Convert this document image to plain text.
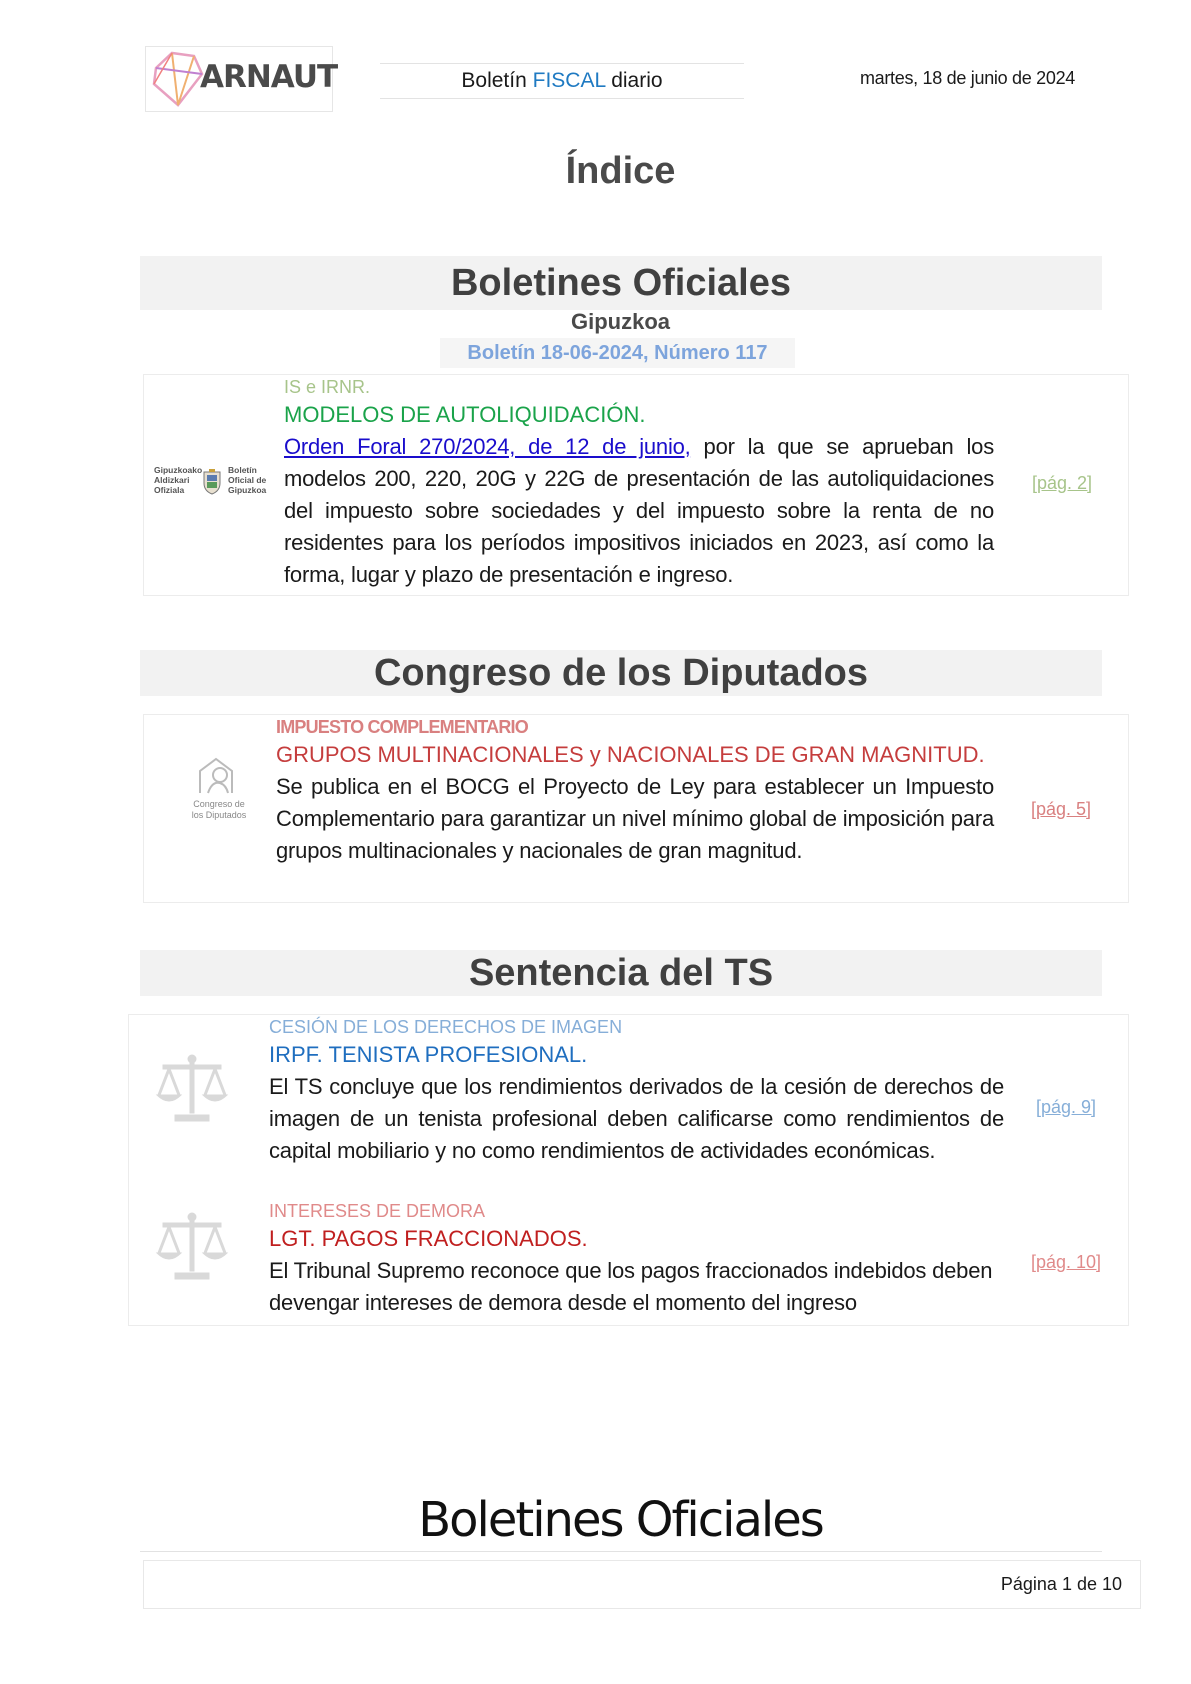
ARNAUT	Boletín FISCAL diario	martes, 18 de junio de 2024
Índice
Boletines Oficiales
Gipuzkoa
Boletín 18-06-2024, Número 117
Gipuzkoako
Aldizkari
Ofiziala
Boletín
Oficial de
Gipuzkoa
IS e IRNR.
MODELOS DE AUTOLIQUIDACIÓN.
Orden Foral 270/2024, de 12 de junio, por la que se aprueban los modelos 200, 220, 20G y 22G de presentación de las autoliquidaciones del impuesto sobre sociedades y del impuesto sobre la renta de no residentes para los períodos impositivos iniciados en 2023, así como la forma, lugar y plazo de presentación e ingreso.
[pág. 2]
Congreso de los Diputados
Congreso de
los Diputados
IMPUESTO COMPLEMENTARIO
GRUPOS MULTINACIONALES y NACIONALES DE GRAN MAGNITUD.
Se publica en el BOCG el Proyecto de Ley para establecer un Impuesto Complementario para garantizar un nivel mínimo global de imposición para grupos multinacionales y nacionales de gran magnitud.
[pág. 5]
Sentencia del TS
CESIÓN DE LOS DERECHOS DE IMAGEN
IRPF. TENISTA PROFESIONAL.
El TS concluye que los rendimientos derivados de la cesión de derechos de imagen de un tenista profesional deben calificarse como rendimientos de capital mobiliario y no como rendimientos de actividades económicas.
[pág. 9]
INTERESES DE DEMORA
LGT. PAGOS FRACCIONADOS.
El Tribunal Supremo reconoce que los pagos fraccionados indebidos deben devengar intereses de demora desde el momento del ingreso
[pág. 10]
Boletines Oficiales
Página 1 de 10
